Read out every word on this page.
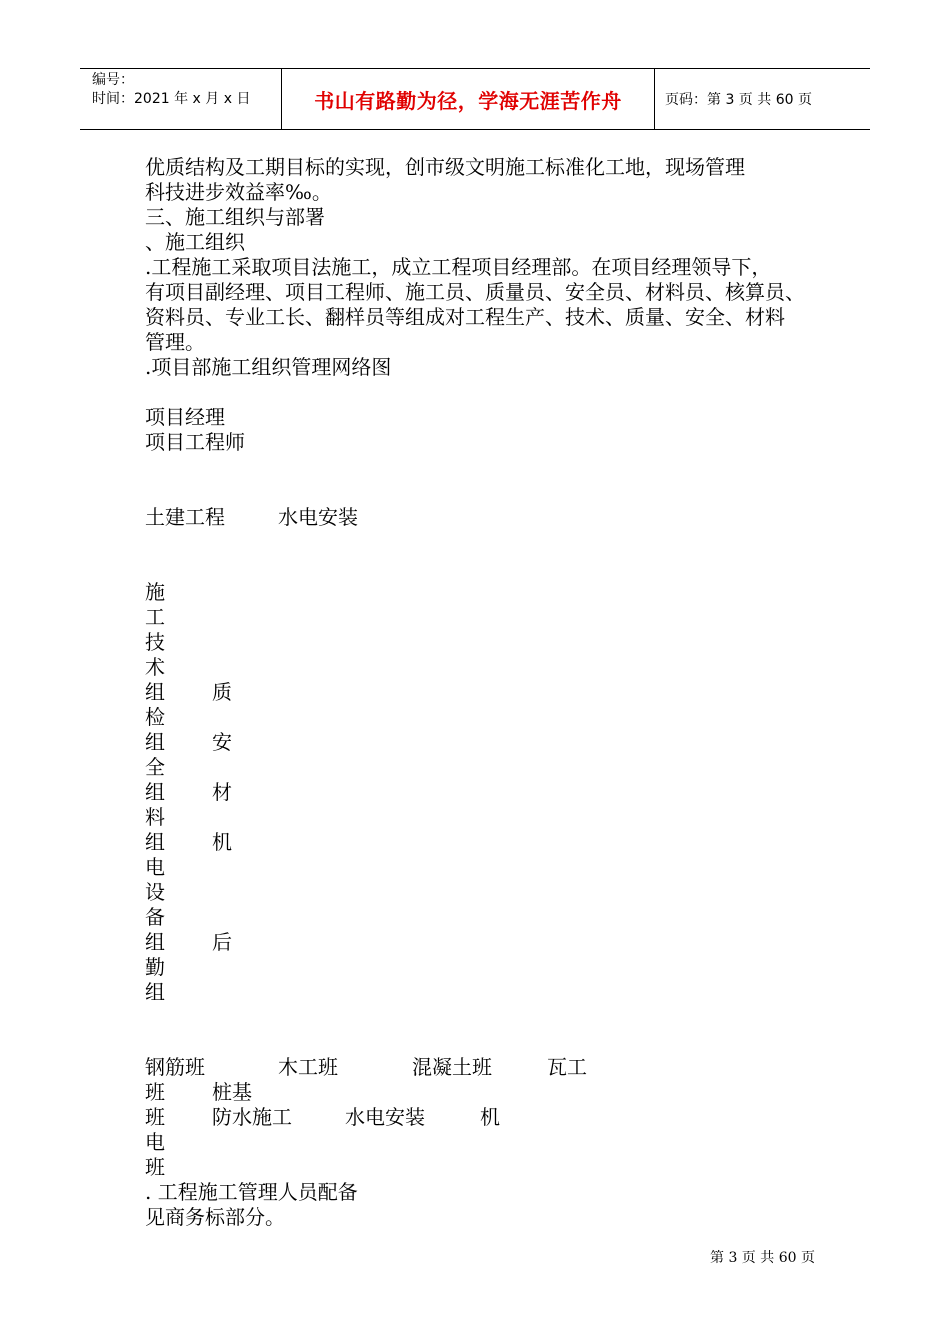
编号：
时间：2021 年 x 月 x 日	书山有路勤为径，学海无涯苦作舟	页码：第 3 页 共 60 页
优质结构及工期目标的实现，创市级文明施工标准化工地，现场管理
科技进步效益率‰。
三、施工组织与部署
、施工组织
.工程施工采取项目法施工，成立工程项目经理部。在项目经理领导下，
有项目副经理、项目工程师、施工员、质量员、安全员、材料员、核算员、
资料员、专业工长、翻样员等组成对工程生产、技术、质量、安全、材料
管理。
.项目部施工组织管理网络图
项目经理
项目工程师
土建工程	水电安装
施
工
技
术
组 质
检
组 安
全
组 材
料
组 机
电
设
备
组 后
勤
组
钢筋班	木工班	混凝土班	瓦工
班 桩基
班 防水施工	水电安装	机
电
班
. 工程施工管理人员配备
见商务标部分。
第 3 页 共 60 页
